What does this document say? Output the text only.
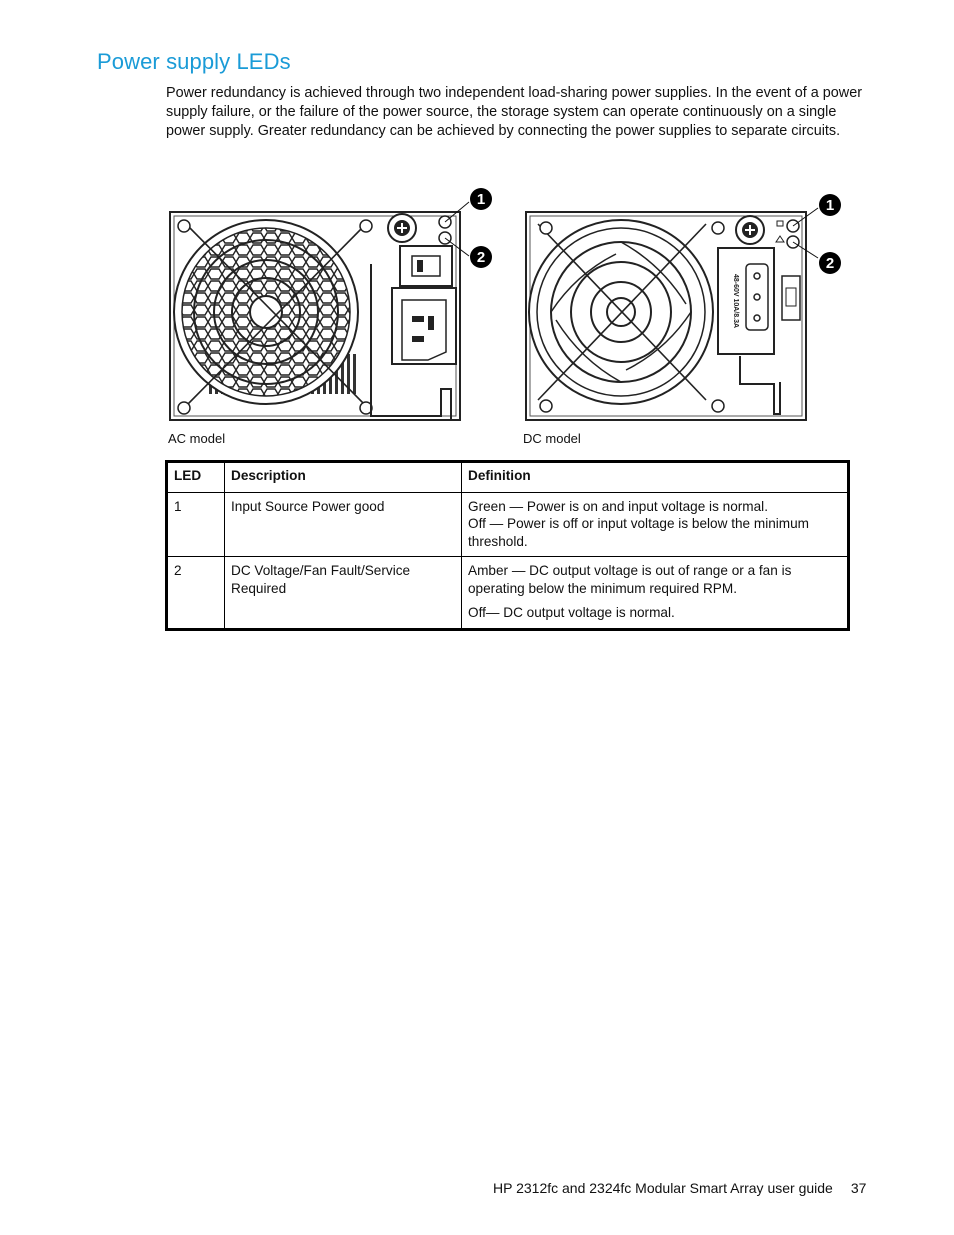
Power supply LEDs

Power redundancy is achieved through two independent load-sharing power supplies. In the event of a power supply failure, or the failure of the power source, the storage system can operate continuously on a single power supply. Greater redundancy can be achieved by connecting the power supplies to separate circuits.

1
2
48-60V 10A/8.3A
1
2
AC model	DC model
LED	Description	Definition
1	Input Source Power good	Green — Power is on and input voltage is normal.

Off — Power is off or input voltage is below the minimum threshold.

2	DC Voltage/Fan Fault/Service Required	Amber — DC output voltage is out of range or a fan is operating below the minimum required RPM.

Off— DC output voltage is normal.

HP 2312fc and 2324fc Modular Smart Array user guide 37
